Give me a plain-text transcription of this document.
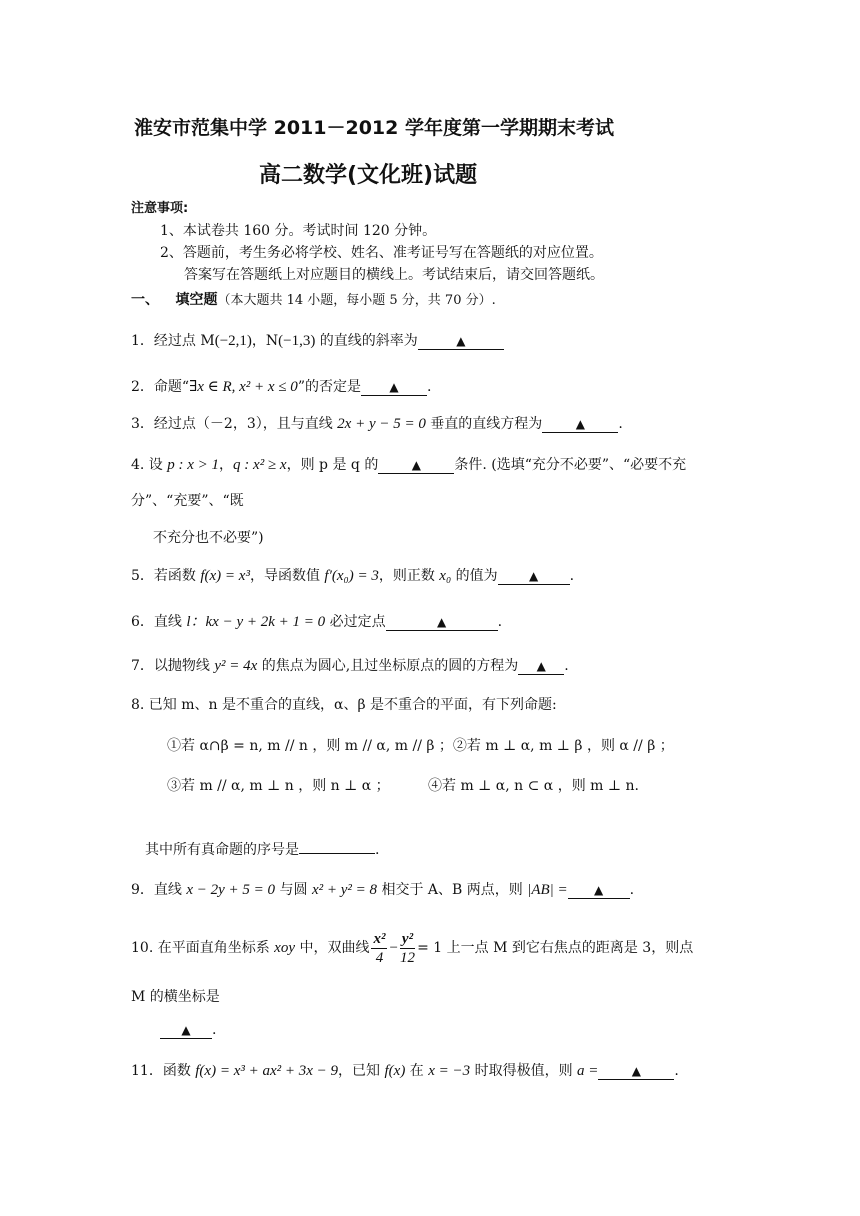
淮安市范集中学 2011－2012 学年度第一学期期末考试
高二数学(文化班)试题
注意事项:
1、本试卷共 160 分。考试时间 120 分钟。
2、答题前，考生务必将学校、姓名、准考证号写在答题纸的对应位置。
答案写在答题纸上对应题目的横线上。考试结束后，请交回答题纸。
一、 填空题（本大题共 14 小题，每小题 5 分，共 70 分）.
1．经过点 M(−2,1)，N(−1,3) 的直线的斜率为	▲
2．命题“∃x ∈ R, x² + x ≤ 0”的否定是 ▲ .
3．经过点（－2，3），且与直线 2x + y − 5 = 0 垂直的直线方程为	▲ .
4. 设 p : x > 1，q : x² ≥ x，则 p 是 q 的	▲ 条件. (选填“充分不必要”、“必要不充
分”、“充要”、“既
不充分也不必要”)
5．若函数 f(x) = x³，导函数值 f′(x₀) = 3，则正数 x₀ 的值为	▲ .
6．直线 l：kx − y + 2k + 1 = 0 必过定点	▲	.
7．以抛物线 y² = 4x 的焦点为圆心,且过坐标原点的圆的方程为 ▲ .
8. 已知 m、n 是不重合的直线，α、β 是不重合的平面，有下列命题:
①若 α∩β = n, m // n ，则 m // α, m // β ；②若 m ⊥ α, m ⊥ β ，则 α // β ；
③若 m // α, m ⊥ n ，则 n ⊥ α ；	④若 m ⊥ α, n ⊂ α ，则 m ⊥ n.
其中所有真命题的序号是	.
9．直线 x − 2y + 5 = 0 与圆 x² + y² = 8 相交于 A、B 两点，则 |AB| = ▲ .
10. 在平面直角坐标系 xoy 中，双曲线 $\frac{\text{x²}}{4} - \frac{\text{y²}}{12} = 1$ 上一点 M 到它右焦点的距离是 3，则点
M 的横坐标是
▲ .
11．函数 f(x) = x³ + ax² + 3x − 9，已知 f(x) 在 x = −3 时取得极值，则 a =	▲ .
